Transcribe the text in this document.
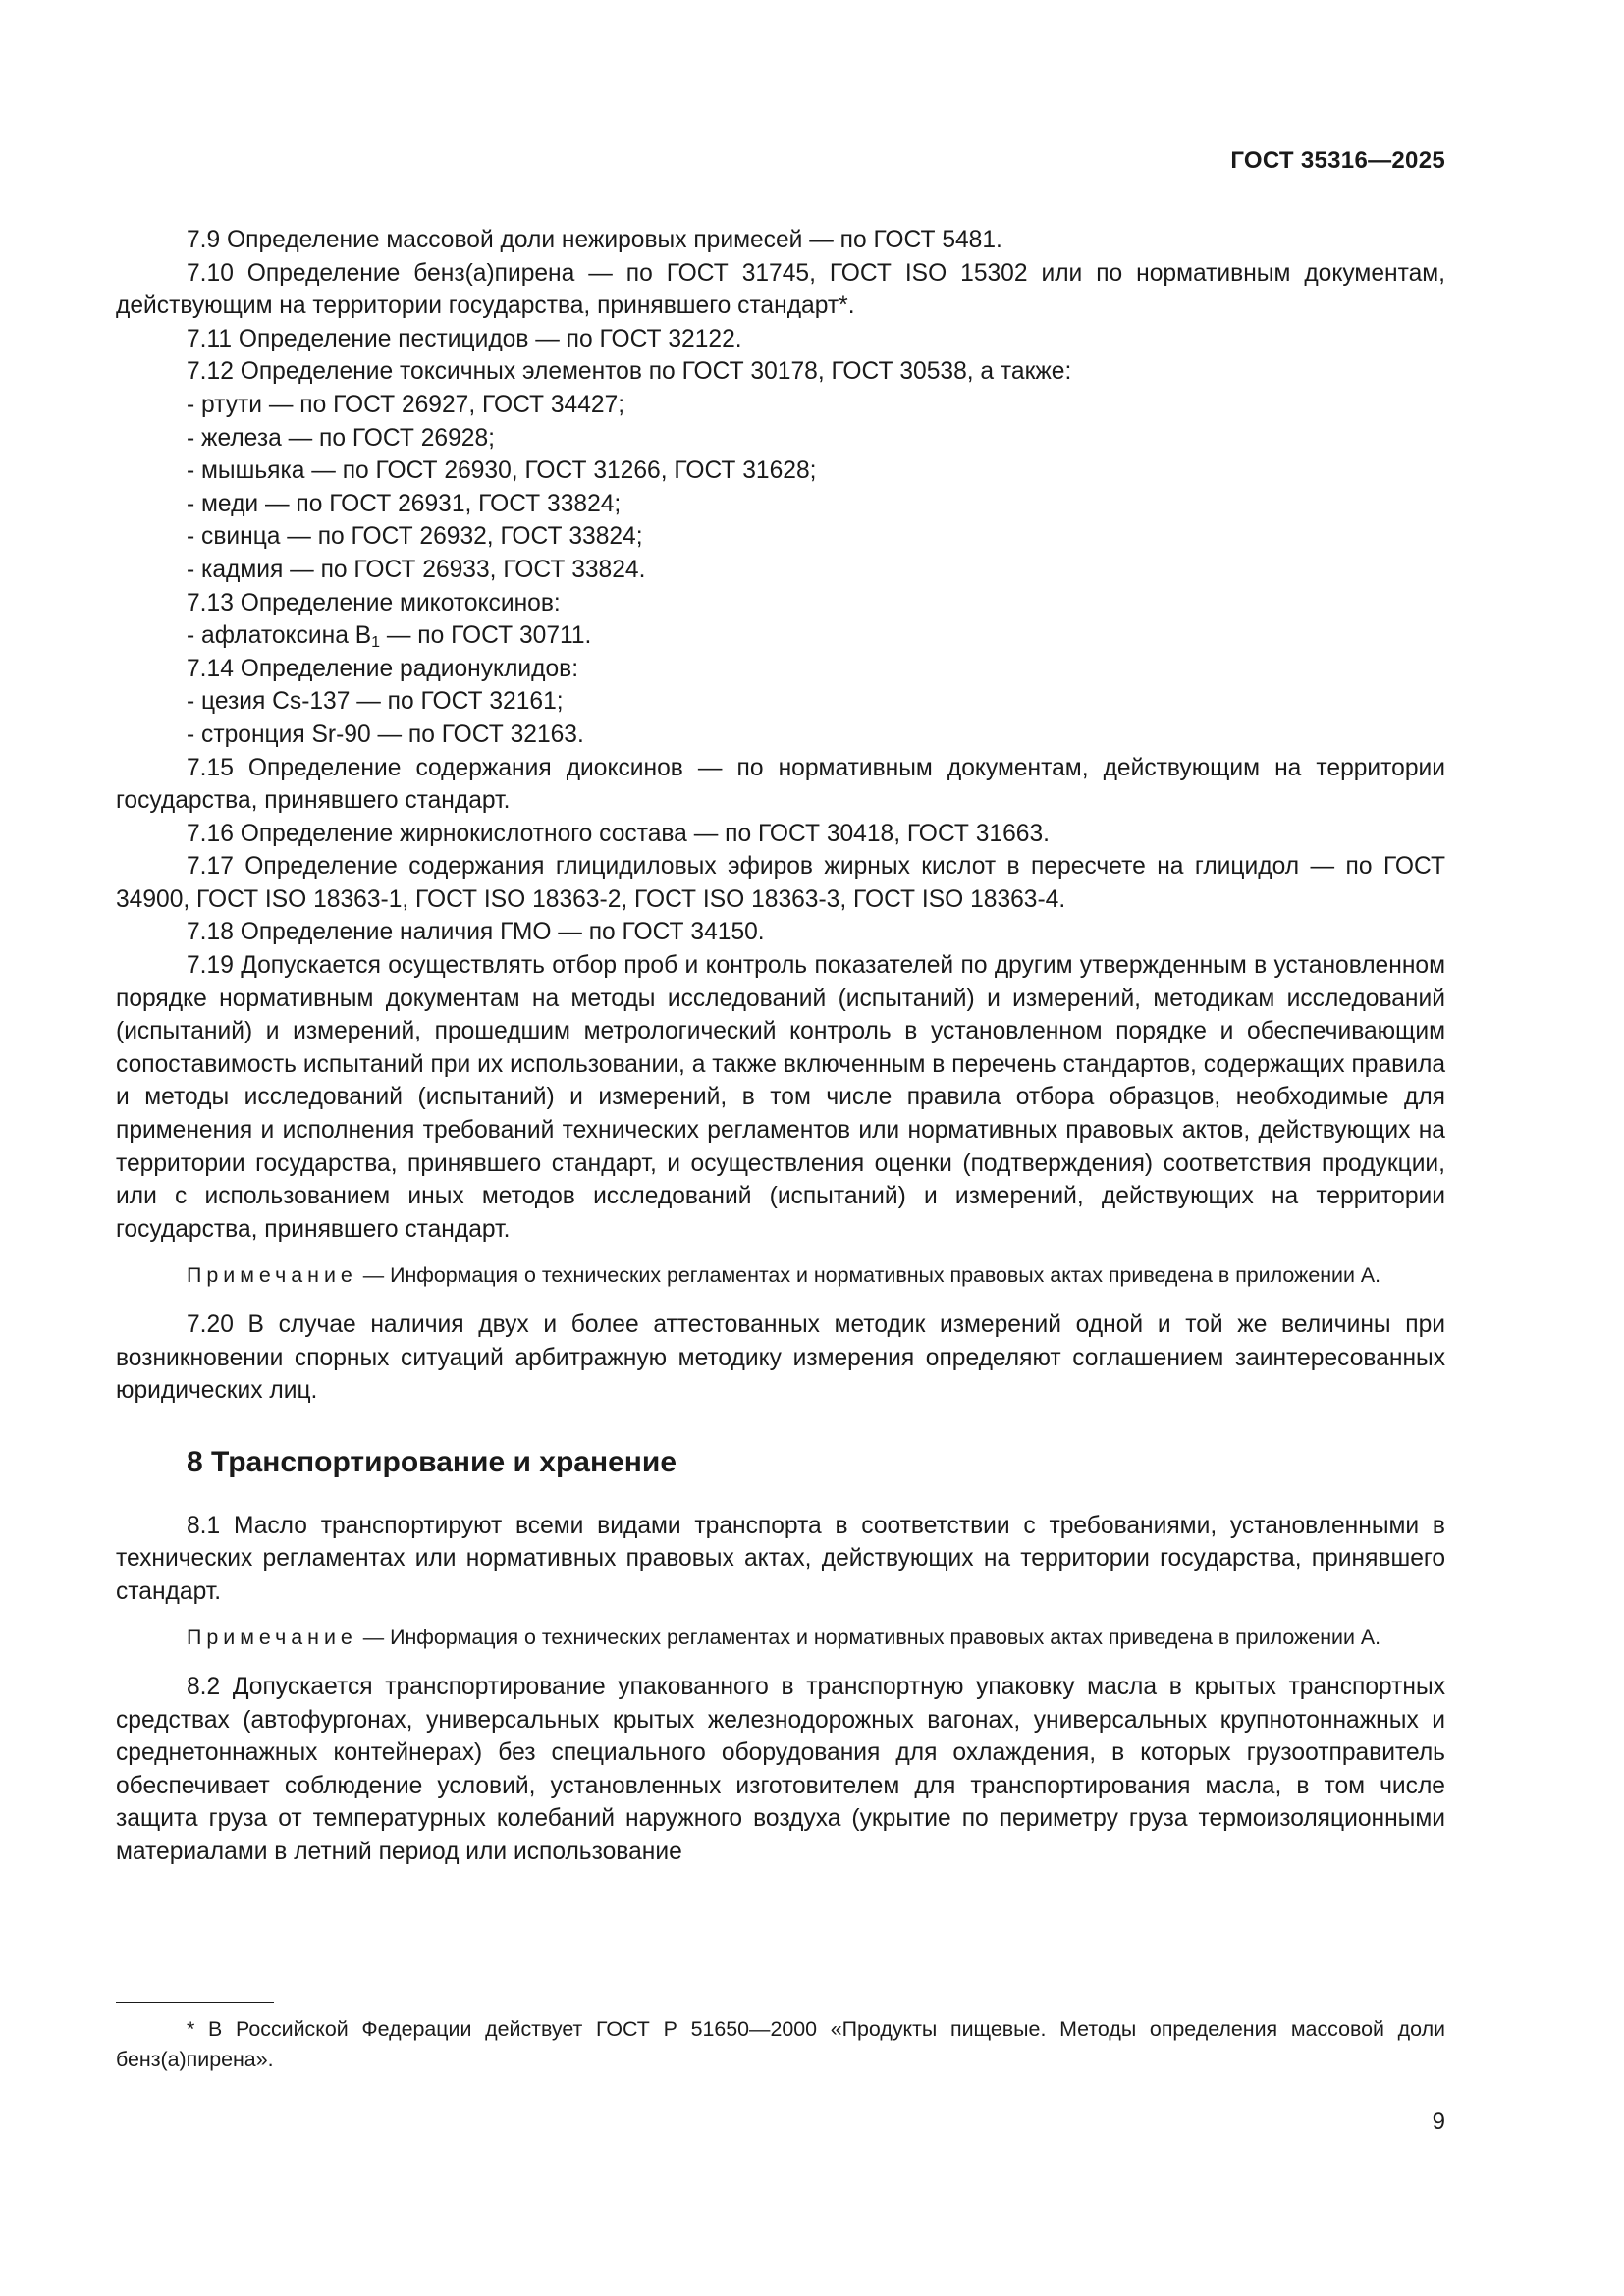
ГОСТ 35316—2025

7.9 Определение массовой доли нежировых примесей — по ГОСТ 5481.

7.10 Определение бенз(а)пирена — по ГОСТ 31745, ГОСТ ISO 15302 или по нормативным документам, действующим на территории государства, принявшего стандарт*.

7.11 Определение пестицидов — по ГОСТ 32122.

7.12 Определение токсичных элементов по ГОСТ 30178, ГОСТ 30538, а также:

- ртути — по ГОСТ 26927, ГОСТ 34427;

- железа — по ГОСТ 26928;

- мышьяка — по ГОСТ 26930, ГОСТ 31266, ГОСТ 31628;

- меди — по ГОСТ 26931, ГОСТ 33824;

- свинца — по ГОСТ 26932, ГОСТ 33824;

- кадмия — по ГОСТ 26933, ГОСТ 33824.

7.13 Определение микотоксинов:

- афлатоксина $В_1$ — по ГОСТ 30711.

7.14 Определение радионуклидов:

- цезия Cs-137 — по ГОСТ 32161;

- стронция Sr-90 — по ГОСТ 32163.

7.15 Определение содержания диоксинов — по нормативным документам, действующим на территории государства, принявшего стандарт.

7.16 Определение жирнокислотного состава — по ГОСТ 30418, ГОСТ 31663.

7.17 Определение содержания глицидиловых эфиров жирных кислот в пересчете на глицидол — по ГОСТ 34900, ГОСТ ISO 18363-1, ГОСТ ISO 18363-2, ГОСТ ISO 18363-3, ГОСТ ISO 18363-4.

7.18 Определение наличия ГМО — по ГОСТ 34150.

7.19 Допускается осуществлять отбор проб и контроль показателей по другим утвержденным в установленном порядке нормативным документам на методы исследований (испытаний) и измерений, методикам исследований (испытаний) и измерений, прошедшим метрологический контроль в установленном порядке и обеспечивающим сопоставимость испытаний при их использовании, а также включенным в перечень стандартов, содержащих правила и методы исследований (испытаний) и измерений, в том числе правила отбора образцов, необходимые для применения и исполнения требований технических регламентов или нормативных правовых актов, действующих на территории государства, принявшего стандарт, и осуществления оценки (подтверждения) соответствия продукции, или с использованием иных методов исследований (испытаний) и измерений, действующих на территории государства, принявшего стандарт.

Примечание — Информация о технических регламентах и нормативных правовых актах приведена в приложении А.

7.20 В случае наличия двух и более аттестованных методик измерений одной и той же величины при возникновении спорных ситуаций арбитражную методику измерения определяют соглашением заинтересованных юридических лиц.

8 Транспортирование и хранение

8.1 Масло транспортируют всеми видами транспорта в соответствии с требованиями, установленными в технических регламентах или нормативных правовых актах, действующих на территории государства, принявшего стандарт.

Примечание — Информация о технических регламентах и нормативных правовых актах приведена в приложении А.

8.2 Допускается транспортирование упакованного в транспортную упаковку масла в крытых транспортных средствах (автофургонах, универсальных крытых железнодорожных вагонах, универсальных крупнотоннажных и среднетоннажных контейнерах) без специального оборудования для охлаждения, в которых грузоотправитель обеспечивает соблюдение условий, установленных изготовителем для транспортирования масла, в том числе защита груза от температурных колебаний наружного воздуха (укрытие по периметру груза термоизоляционными материалами в летний период или использование

* В Российской Федерации действует ГОСТ Р 51650—2000 «Продукты пищевые. Методы определения массовой доли бенз(а)пирена».

9
